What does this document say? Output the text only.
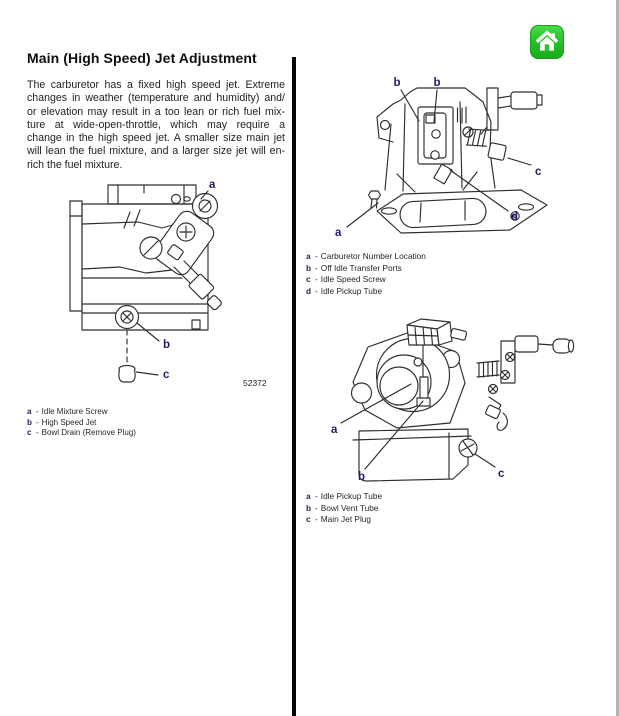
Main (High Speed) Jet Adjustment
The carburetor has a fixed high speed jet. Extreme
changes in weather (temperature and humidity) and/
or elevation may result in a too lean or rich fuel mix-
ture at wide-open-throttle, which may require a
change in the high speed jet. A smaller size main jet
will lean the fuel mixture, and a larger size jet will en-
rich the fuel mixture.
a
b
c
52372
a - Idle Mixture Screw
b - High Speed Jet
c - Bowl Drain (Remove Plug)
b	b
c
a
d
a - Carburetor Number Location
b - Off Idle Transfer Ports
c - Idle Speed Screw
d - Idle Pickup Tube
a
b	c
a - Idle Pickup Tube
b - Bowl Vent Tube
c - Main Jet Plug
